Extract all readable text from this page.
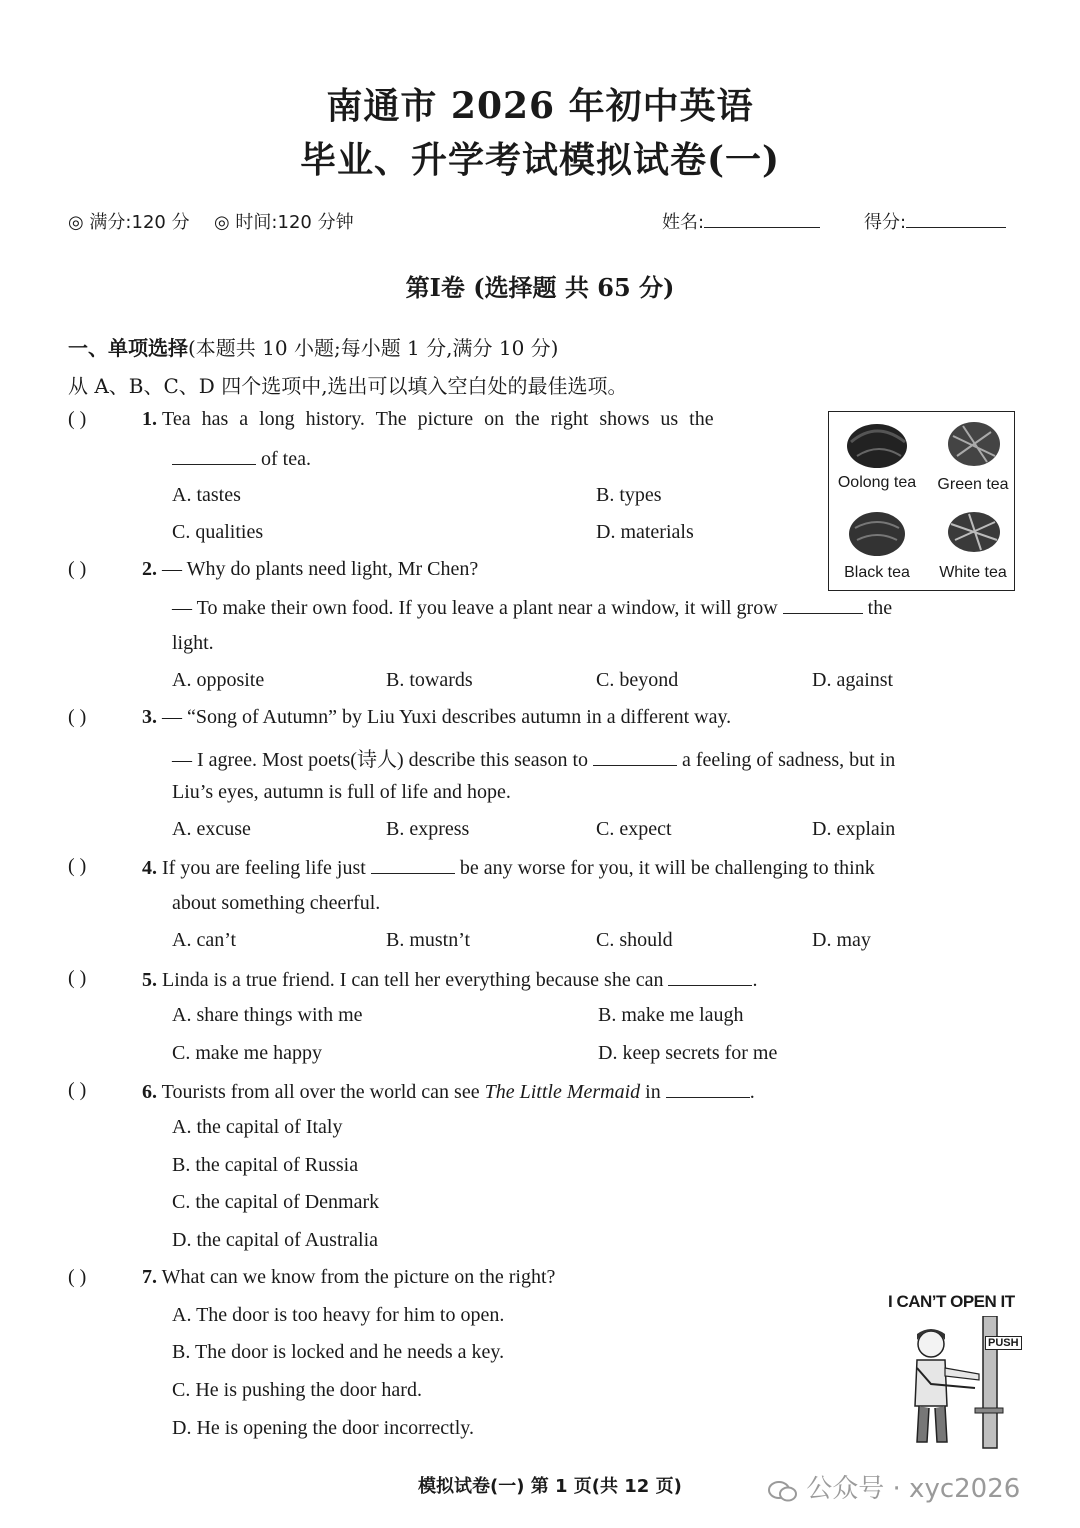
南通市 2026 年初中英语
毕业、升学考试模拟试卷(一)
◎ 满分:120 分 ◎ 时间:120 分钟	姓名:	得分:
第Ⅰ卷 (选择题 共 65 分)
一、单项选择(本题共 10 小题;每小题 1 分,满分 10 分)
从 A、B、C、D 四个选项中,选出可以填入空白处的最佳选项。
Oolong tea	Green tea
Black tea	White tea
( )	1. Tea has a long history. The picture on the right shows us the
of tea.
A. tastes	B. types
C. qualities	D. materials
( )	2. — Why do plants need light, Mr Chen?
— To make their own food. If you leave a plant near a window, it will grow	the
light.
A. opposite	B. towards	C. beyond	D. against
( )	3. — “Song of Autumn” by Liu Yuxi describes autumn in a different way.
— I agree. Most poets(诗人) describe this season to	a feeling of sadness, but in
Liu’s eyes, autumn is full of life and hope.
A. excuse	B. express	C. expect	D. explain
( )	4. If you are feeling life just	be any worse for you, it will be challenging to think
about something cheerful.
A. can’t	B. mustn’t	C. should	D. may
( )	5. Linda is a true friend. I can tell her everything because she can	.
A. share things with me	B. make me laugh
C. make me happy	D. keep secrets for me
( )	6. Tourists from all over the world can see The Little Mermaid in	.
A. the capital of Italy
B. the capital of Russia
C. the capital of Denmark
D. the capital of Australia
( )	7. What can we know from the picture on the right?
A. The door is too heavy for him to open.
B. The door is locked and he needs a key.
C. He is pushing the door hard.
D. He is opening the door incorrectly.
I CAN’T OPEN IT
PUSH
模拟试卷(一) 第 1 页(共 12 页)	公众号 · xyc2026
